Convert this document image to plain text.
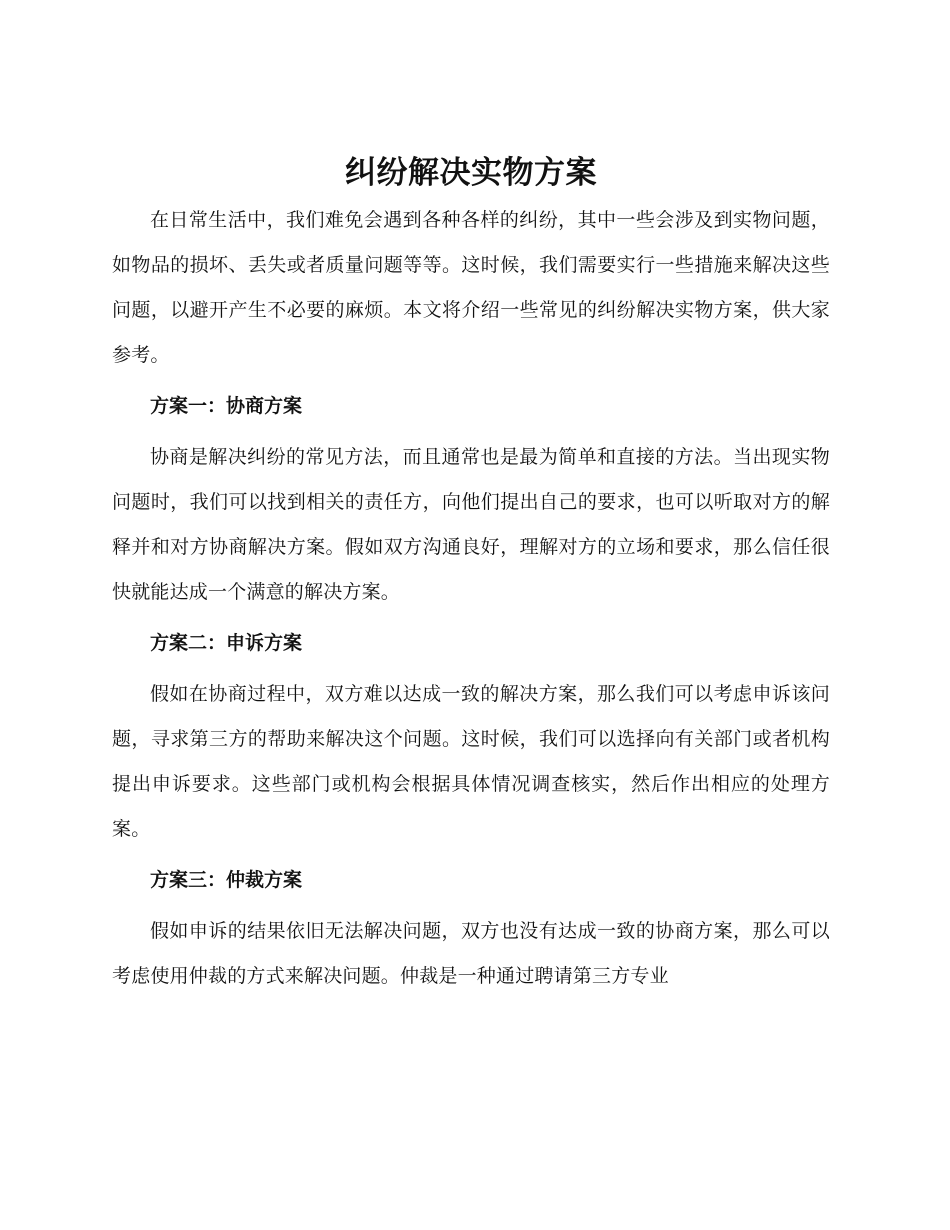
纠纷解决实物方案

在日常生活中，我们难免会遇到各种各样的纠纷，其中一些会涉及到实物问题，如物品的损坏、丢失或者质量问题等等。这时候，我们需要实行一些措施来解决这些问题，以避开产生不必要的麻烦。本文将介绍一些常见的纠纷解决实物方案，供大家参考。

方案一：协商方案

协商是解决纠纷的常见方法，而且通常也是最为简单和直接的方法。当出现实物问题时，我们可以找到相关的责任方，向他们提出自己的要求，也可以听取对方的解释并和对方协商解决方案。假如双方沟通良好，理解对方的立场和要求，那么信任很快就能达成一个满意的解决方案。

方案二：申诉方案

假如在协商过程中，双方难以达成一致的解决方案，那么我们可以考虑申诉该问题，寻求第三方的帮助来解决这个问题。这时候，我们可以选择向有关部门或者机构提出申诉要求。这些部门或机构会根据具体情况调查核实，然后作出相应的处理方案。

方案三：仲裁方案

假如申诉的结果依旧无法解决问题，双方也没有达成一致的协商方案，那么可以考虑使用仲裁的方式来解决问题。仲裁是一种通过聘请第三方专业
